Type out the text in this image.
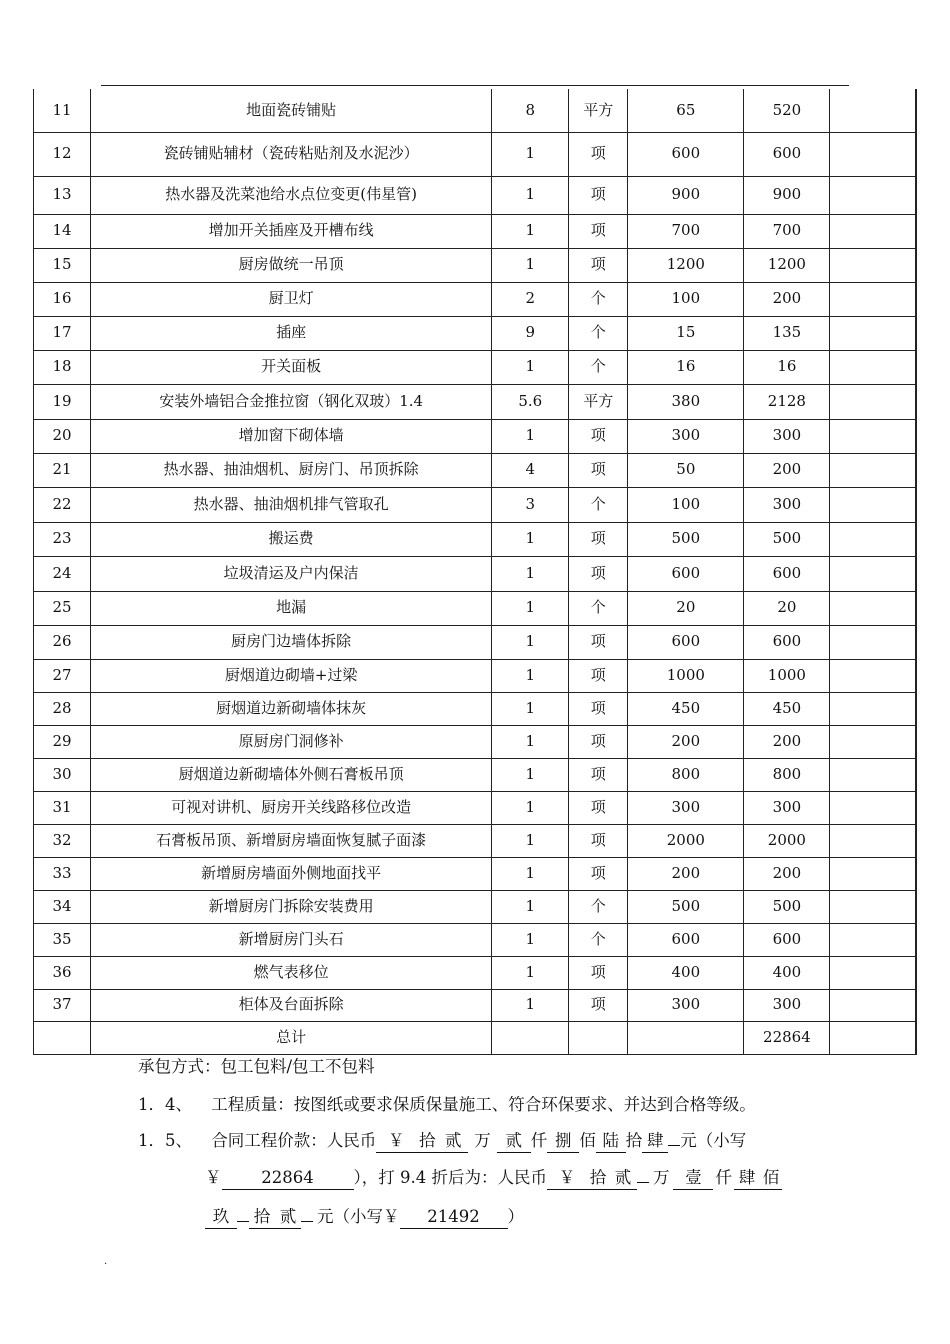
11	地面瓷砖铺贴	8	平方	65	520	
12	瓷砖铺贴辅材（瓷砖粘贴剂及水泥沙）	1	项	600	600	
13	热水器及洗菜池给水点位变更(伟星管)	1	项	900	900	
14	增加开关插座及开槽布线	1	项	700	700	
15	厨房做统一吊顶	1	项	1200	1200	
16	厨卫灯	2	个	100	200	
17	插座	9	个	15	135	
18	开关面板	1	个	16	16	
19	安装外墙铝合金推拉窗（钢化双玻）1.4	5.6	平方	380	2128	
20	增加窗下砌体墙	1	项	300	300	
21	热水器、抽油烟机、厨房门、吊顶拆除	4	项	50	200	
22	热水器、抽油烟机排气管取孔	3	个	100	300	
23	搬运费	1	项	500	500	
24	垃圾清运及户内保洁	1	项	600	600	
25	地漏	1	个	20	20	
26	厨房门边墙体拆除	1	项	600	600	
27	厨烟道边砌墙+过梁	1	项	1000	1000	
28	厨烟道边新砌墙体抹灰	1	项	450	450	
29	原厨房门洞修补	1	项	200	200	
30	厨烟道边新砌墙体外侧石膏板吊顶	1	项	800	800	
31	可视对讲机、厨房开关线路移位改造	1	项	300	300	
32	石膏板吊顶、新增厨房墙面恢复腻子面漆	1	项	2000	2000	
33	新增厨房墙面外侧地面找平	1	项	200	200	
34	新增厨房门拆除安装费用	1	个	500	500	
35	新增厨房门头石	1	个	600	600	
36	燃气表移位	1	项	400	400	
37	柜体及台面拆除	1	项	300	300	
	总计				22864	
承包方式：包工包料/包工不包料
1．4、 工程质量：按图纸或要求保质保量施工、符合环保要求、并达到合格等级。
1．5、 合同工程价款：人民币 ￥ 拾 贰 万 贰 仟 捌 佰 陆 拾 肆 元（小写
￥ 22864 ），打 9.4 折后为：人民币 ￥ 拾 贰 万 壹 仟 肆 佰
玖 拾 贰 元（小写￥ 21492 ）
.
